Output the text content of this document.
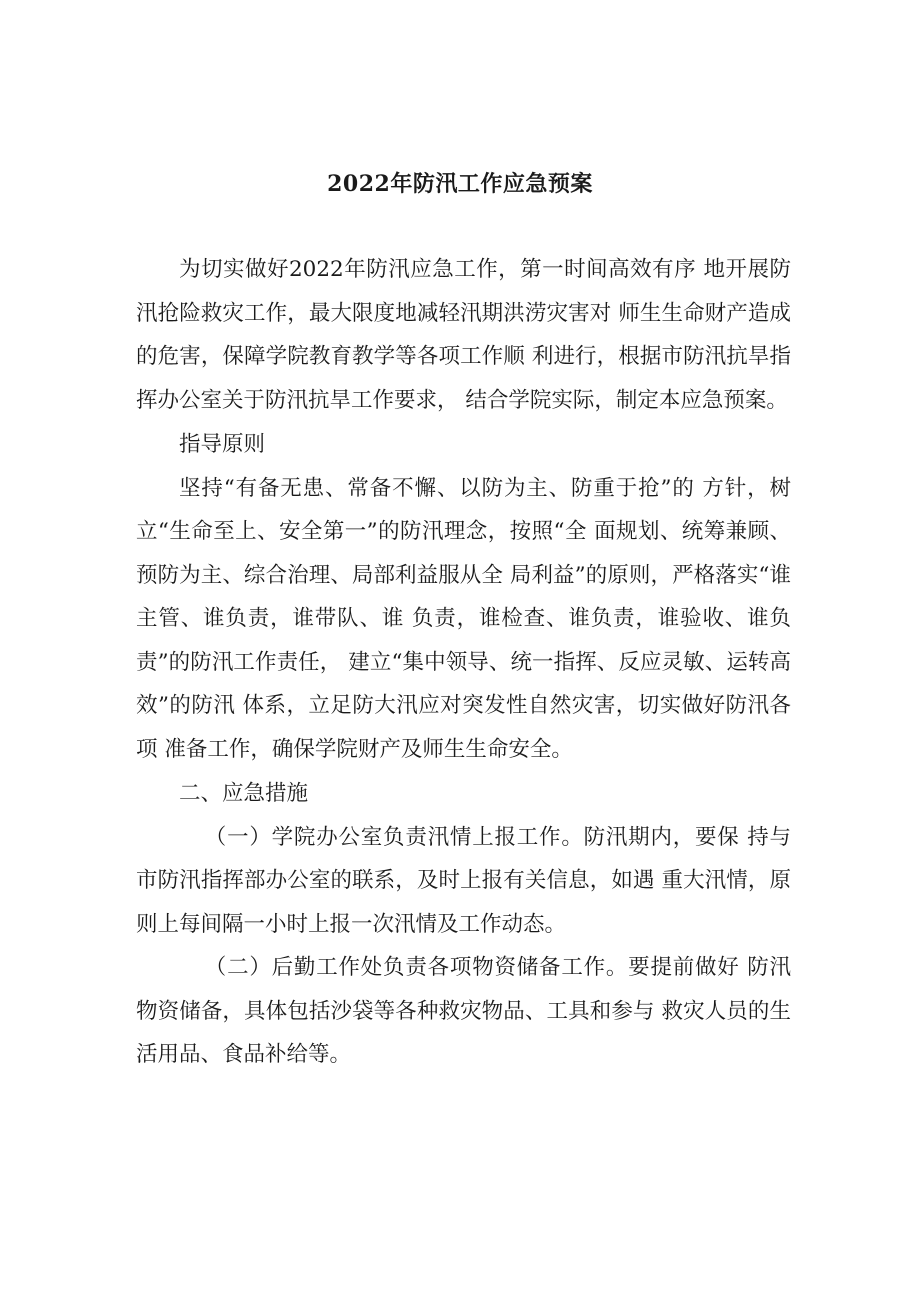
2022年防汛工作应急预案

为切实做好2022年防汛应急工作，第一时间高效有序 地开展防汛抢险救灾工作，最大限度地减轻汛期洪涝灾害对 师生生命财产造成的危害，保障学院教育教学等各项工作顺 利进行，根据市防汛抗旱指挥办公室关于防汛抗旱工作要求， 结合学院实际，制定本应急预案。

指导原则

坚持“有备无患、常备不懈、以防为主、防重于抢”的 方针，树立“生命至上、安全第一”的防汛理念，按照“全 面规划、统筹兼顾、预防为主、综合治理、局部利益服从全 局利益”的原则，严格落实“谁主管、谁负责，谁带队、谁 负责，谁检查、谁负责，谁验收、谁负责”的防汛工作责任， 建立“集中领导、统一指挥、反应灵敏、运转高效”的防汛 体系，立足防大汛应对突发性自然灾害，切实做好防汛各项 准备工作，确保学院财产及师生生命安全。

二、应急措施

（一）学院办公室负责汛情上报工作。防汛期内，要保 持与市防汛指挥部办公室的联系，及时上报有关信息，如遇 重大汛情，原则上每间隔一小时上报一次汛情及工作动态。

（二）后勤工作处负责各项物资储备工作。要提前做好 防汛物资储备，具体包括沙袋等各种救灾物品、工具和参与 救灾人员的生活用品、食品补给等。
